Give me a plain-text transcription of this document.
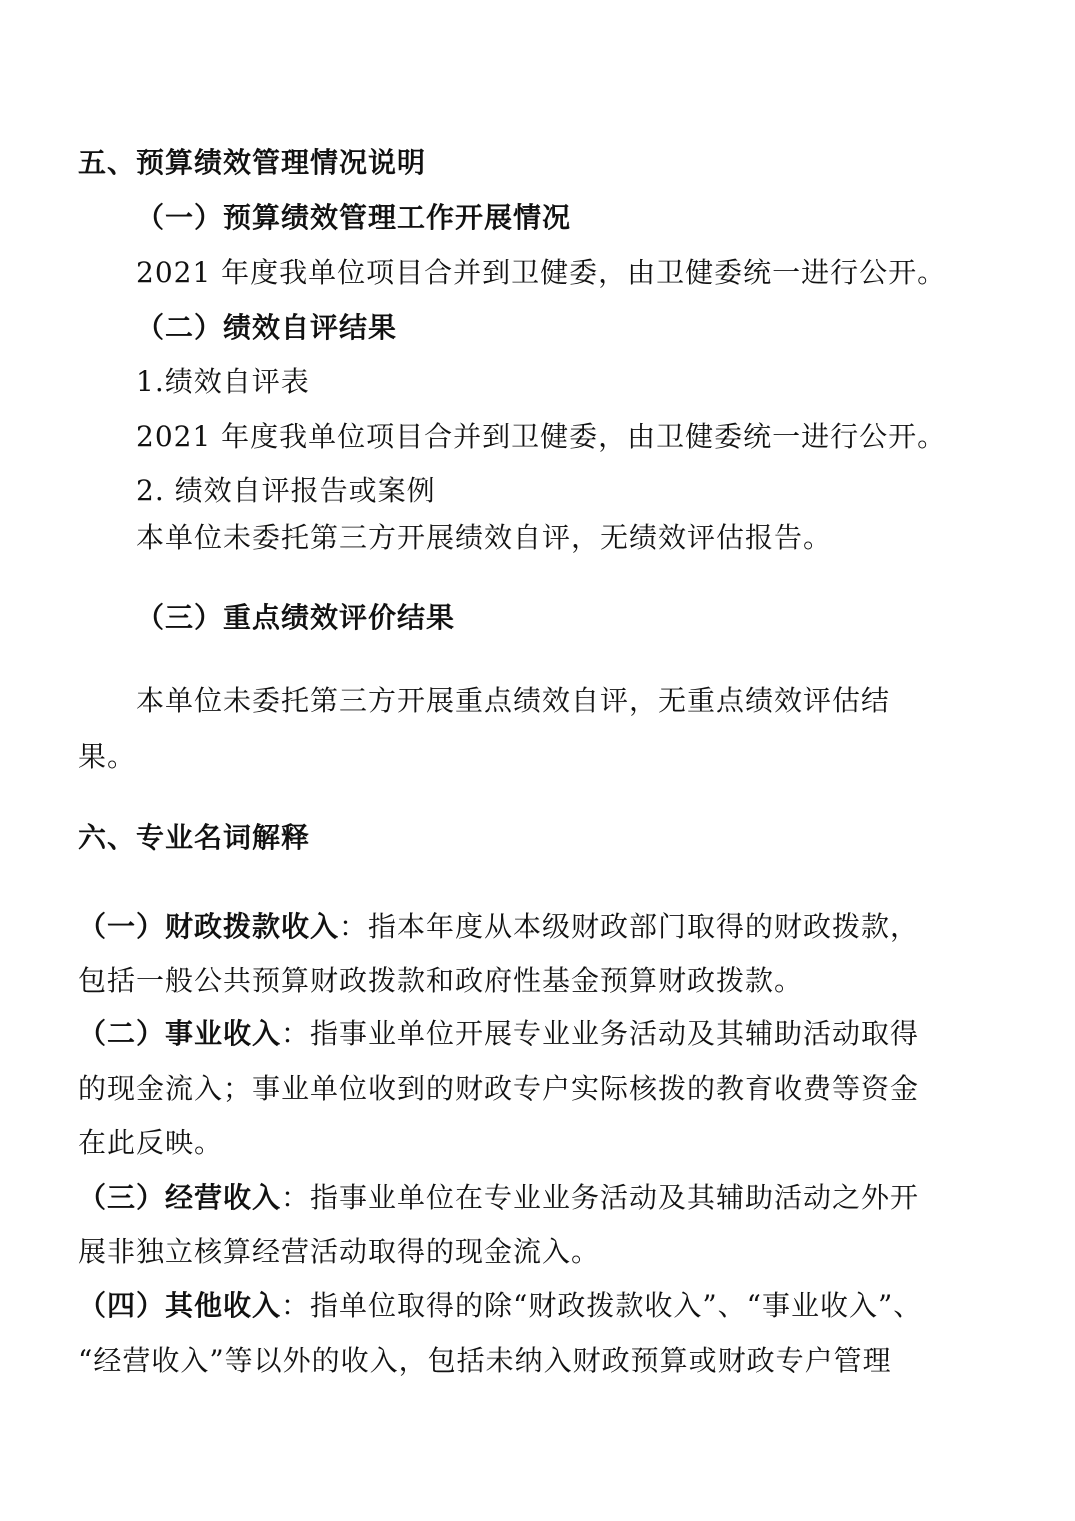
五、预算绩效管理情况说明
（一）预算绩效管理工作开展情况
2021 年度我单位项目合并到卫健委，由卫健委统一进行公开。
（二）绩效自评结果
1.绩效自评表
2021 年度我单位项目合并到卫健委，由卫健委统一进行公开。
2. 绩效自评报告或案例
本单位未委托第三方开展绩效自评，无绩效评估报告。
（三）重点绩效评价结果
本单位未委托第三方开展重点绩效自评，无重点绩效评估结
果。
六、专业名词解释
（一）财政拨款收入：指本年度从本级财政部门取得的财政拨款，
包括一般公共预算财政拨款和政府性基金预算财政拨款。
（二）事业收入：指事业单位开展专业业务活动及其辅助活动取得
的现金流入；事业单位收到的财政专户实际核拨的教育收费等资金
在此反映。
（三）经营收入：指事业单位在专业业务活动及其辅助活动之外开
展非独立核算经营活动取得的现金流入。
（四）其他收入：指单位取得的除“财政拨款收入”、“事业收入”、
“经营收入”等以外的收入，包括未纳入财政预算或财政专户管理
